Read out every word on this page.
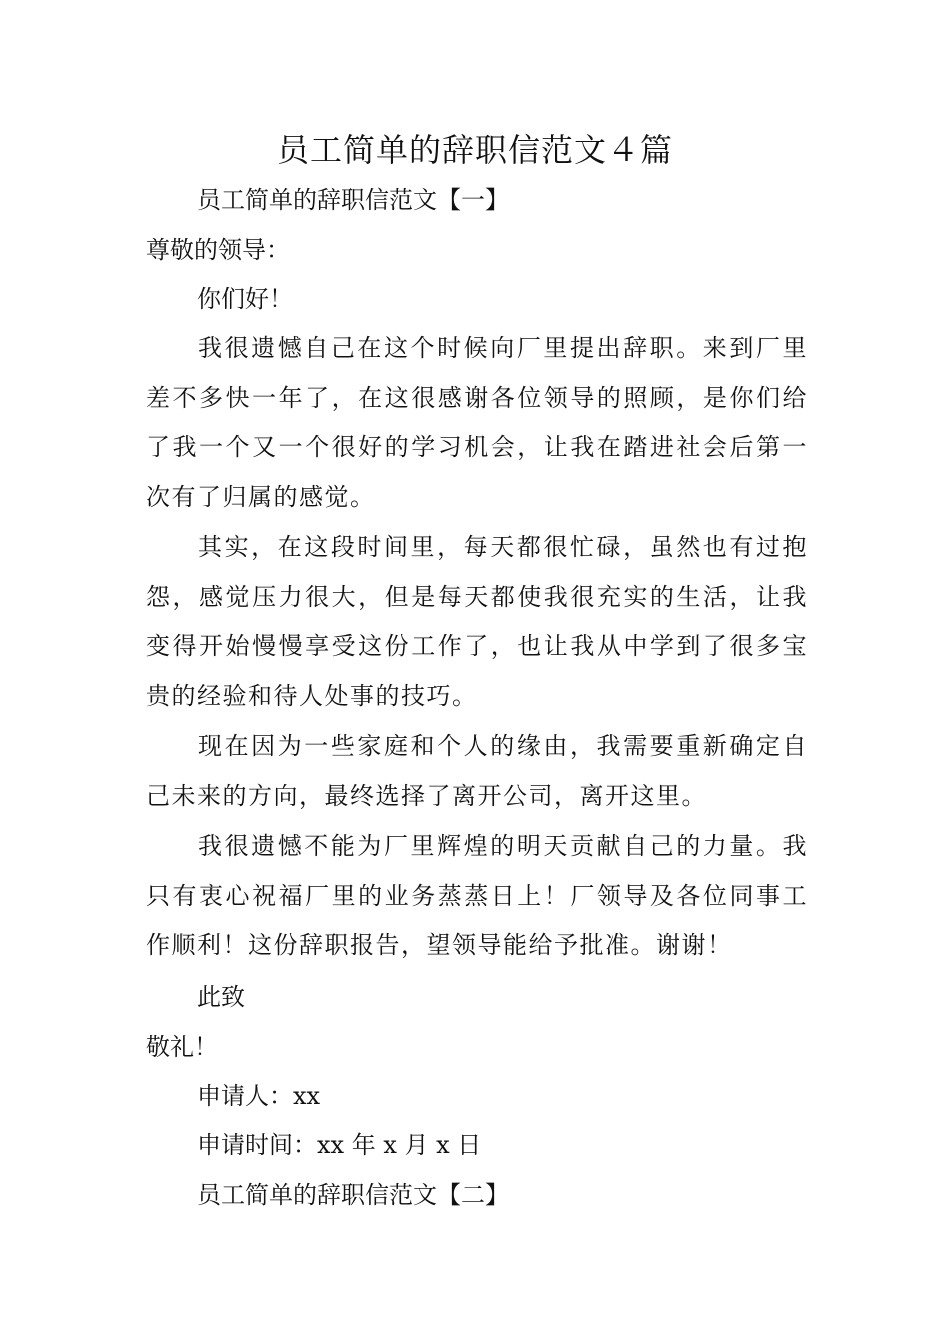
员工简单的辞职信范文４篇
员工简单的辞职信范文【一】
尊敬的领导：
你们好！
我很遗憾自己在这个时候向厂里提出辞职。来到厂里差不多快一年了，在这很感谢各位领导的照顾，是你们给了我一个又一个很好的学习机会，让我在踏进社会后第一次有了归属的感觉。
其实，在这段时间里，每天都很忙碌，虽然也有过抱怨，感觉压力很大，但是每天都使我很充实的生活，让我变得开始慢慢享受这份工作了，也让我从中学到了很多宝贵的经验和待人处事的技巧。
现在因为一些家庭和个人的缘由，我需要重新确定自己未来的方向，最终选择了离开公司，离开这里。
我很遗憾不能为厂里辉煌的明天贡献自己的力量。我只有衷心祝福厂里的业务蒸蒸日上！厂领导及各位同事工作顺利！这份辞职报告，望领导能给予批准。谢谢！
此致
敬礼！
申请人：xx
申请时间：xx 年 x 月 x 日
员工简单的辞职信范文【二】
